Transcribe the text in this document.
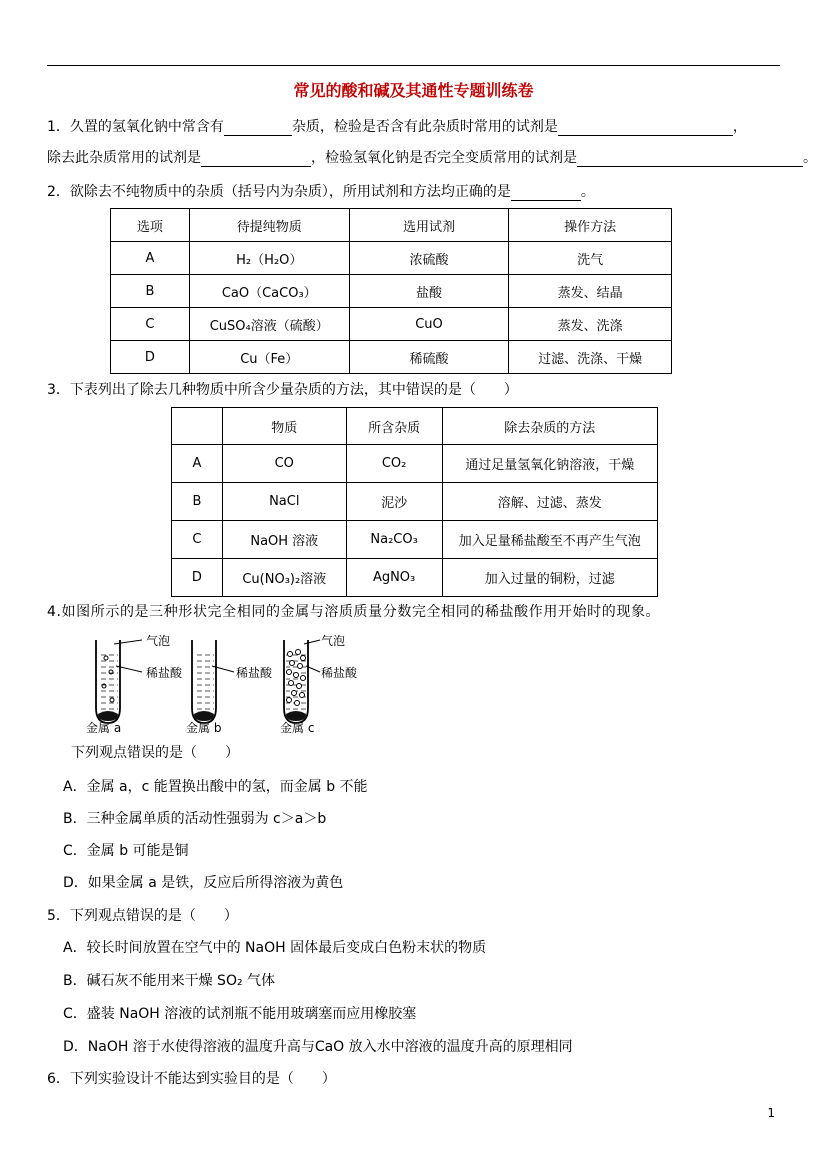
常见的酸和碱及其通性专题训练卷
1．久置的氢氧化钠中常含有	杂质，检验是否含有此杂质时常用的试剂是	，
除去此杂质常用的试剂是	，检验氢氧化钠是否完全变质常用的试剂是	。
2．欲除去不纯物质中的杂质（括号内为杂质），所用试剂和方法均正确的是	。
选项	待提纯物质	选用试剂	操作方法
A	H₂（H₂O）	浓硫酸	洗气
B	CaO（CaCO₃）	盐酸	蒸发、结晶
C	CuSO₄溶液（硫酸）	CuO	蒸发、洗涤
D	Cu（Fe）	稀硫酸	过滤、洗涤、干燥
3．下表列出了除去几种物质中所含少量杂质的方法，其中错误的是（　　）
	物质	所含杂质	除去杂质的方法
A	CO	CO₂	通过足量氢氧化钠溶液，干燥
B	NaCl	泥沙	溶解、过滤、蒸发
C	NaOH 溶液	Na₂CO₃	加入足量稀盐酸至不再产生气泡
D	Cu(NO₃)₂溶液	AgNO₃	加入过量的铜粉，过滤
4.如图所示的是三种形状完全相同的金属与溶质质量分数完全相同的稀盐酸作用开始时的现象。
气泡
稀盐酸	稀盐酸
气泡
稀盐酸
金属 a	金属 b	金属 c
下列观点错误的是（　　）
A．金属 a，c 能置换出酸中的氢，而金属 b 不能
B．三种金属单质的活动性强弱为 c＞a＞b
C．金属 b 可能是铜
D．如果金属 a 是铁，反应后所得溶液为黄色
5．下列观点错误的是（　　）
A．较长时间放置在空气中的 NaOH 固体最后变成白色粉末状的物质
B．碱石灰不能用来干燥 SO₂ 气体
C．盛装 NaOH 溶液的试剂瓶不能用玻璃塞而应用橡胶塞
D．NaOH 溶于水使得溶液的温度升高与CaO 放入水中溶液的温度升高的原理相同
6．下列实验设计不能达到实验目的是（　　）
1
